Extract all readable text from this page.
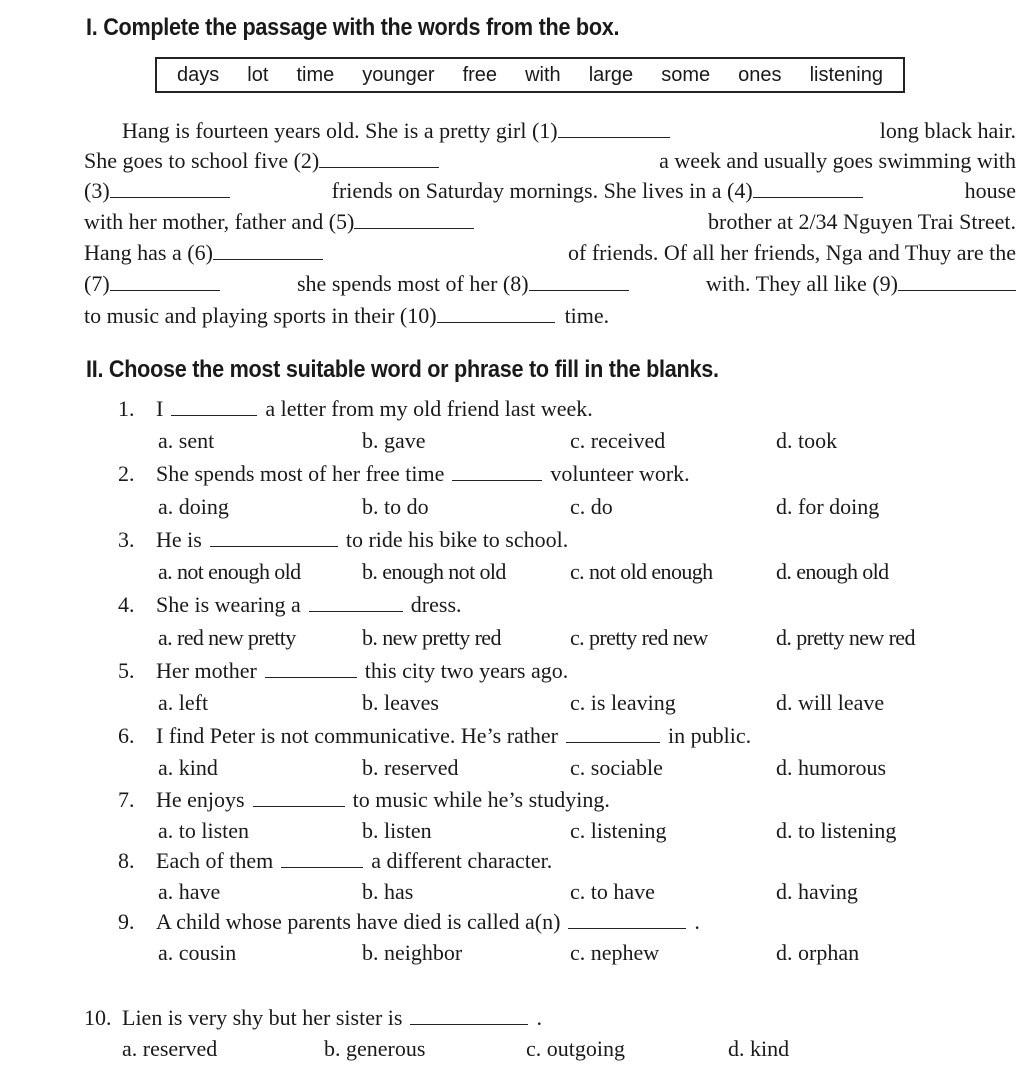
I. Complete the passage with the words from the box.
days lot time younger free with large some ones listening
Hang is fourteen years old. She is a pretty girl (1)	long black hair.
She goes to school five (2)	a week and usually goes swimming with
(3)	friends on Saturday mornings. She lives in a (4)	house
with her mother, father and (5)	brother at 2/34 Nguyen Trai Street.
Hang has a (6)	of friends. Of all her friends, Nga and Thuy are the
(7)	she spends most of her (8)	with. They all like (9)
to music and playing sports in their (10)	time.
II. Choose the most suitable word or phrase to fill in the blanks.
1. I	a letter from my old friend last week.
a. sent	b. gave	c. received	d. took
2. She spends most of her free time	volunteer work.
a. doing	b. to do	c. do	d. for doing
3. He is	to ride his bike to school.
a. not enough old	b. enough not old	c. not old enough	d. enough old
4. She is wearing a	dress.
a. red new pretty	b. new pretty red	c. pretty red new	d. pretty new red
5. Her mother	this city two years ago.
a. left	b. leaves	c. is leaving	d. will leave
6. I find Peter is not communicative. He’s rather	in public.
a. kind	b. reserved	c. sociable	d. humorous
7. He enjoys	to music while he’s studying.
a. to listen	b. listen	c. listening	d. to listening
8. Each of them	a different character.
a. have	b. has	c. to have	d. having
9. A child whose parents have died is called a(n)	.
a. cousin	b. neighbor	c. nephew	d. orphan
10. Lien is very shy but her sister is	.
a. reserved	b. generous	c. outgoing	d. kind
